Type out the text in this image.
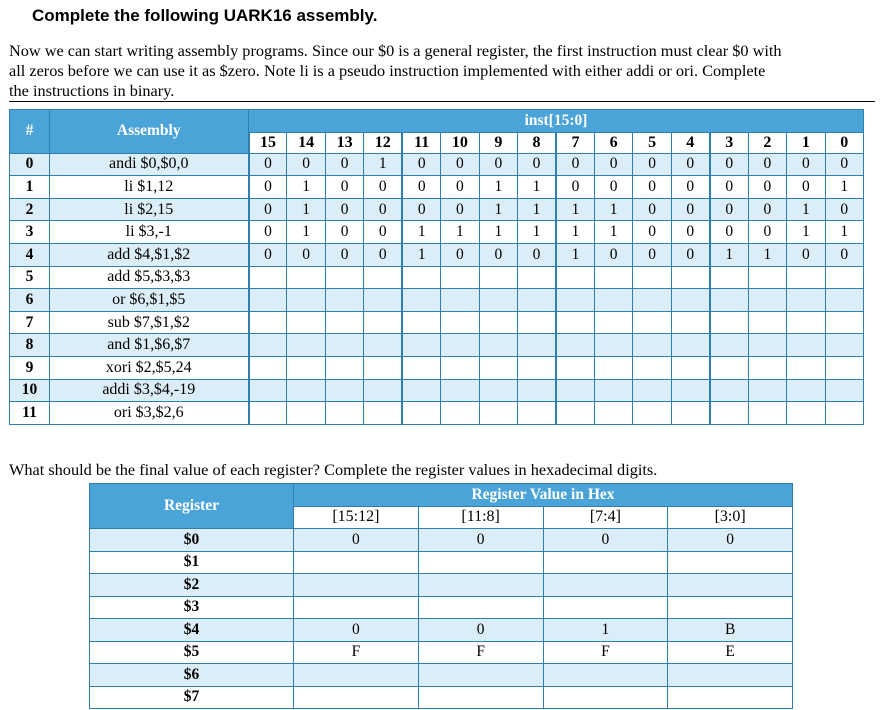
Complete the following UARK16 assembly.
Now we can start writing assembly programs. Since our $0 is a general register, the first instruction must clear $0 with
all zeros before we can use it as $zero. Note li is a pseudo instruction implemented with either addi or ori. Complete
the instructions in binary.
#	Assembly	inst[15:0]															
		15	14	13	12	11	10	9	8	7	6	5	4	3	2	1	0
0	andi $0,$0,0	0	0	0	1	0	0	0	0	0	0	0	0	0	0	0	0
1	li $1,12	0	1	0	0	0	0	1	1	0	0	0	0	0	0	0	1
2	li $2,15	0	1	0	0	0	0	1	1	1	1	0	0	0	0	1	0
3	li $3,-1	0	1	0	0	1	1	1	1	1	1	0	0	0	0	1	1
4	add $4,$1,$2	0	0	0	0	1	0	0	0	1	0	0	0	1	1	0	0
5	add $5,$3,$3																
6	or $6,$1,$5																
7	sub $7,$1,$2																
8	and $1,$6,$7																
9	xori $2,$5,24																
10	addi $3,$4,-19																
11	ori $3,$2,6																
What should be the final value of each register? Complete the register values in hexadecimal digits.
Register	Register Value in Hex			
	[15:12]	[11:8]	[7:4]	[3:0]
$0	0	0	0	0
$1				
$2				
$3				
$4	0	0	1	B
$5	F	F	F	E
$6				
$7				
